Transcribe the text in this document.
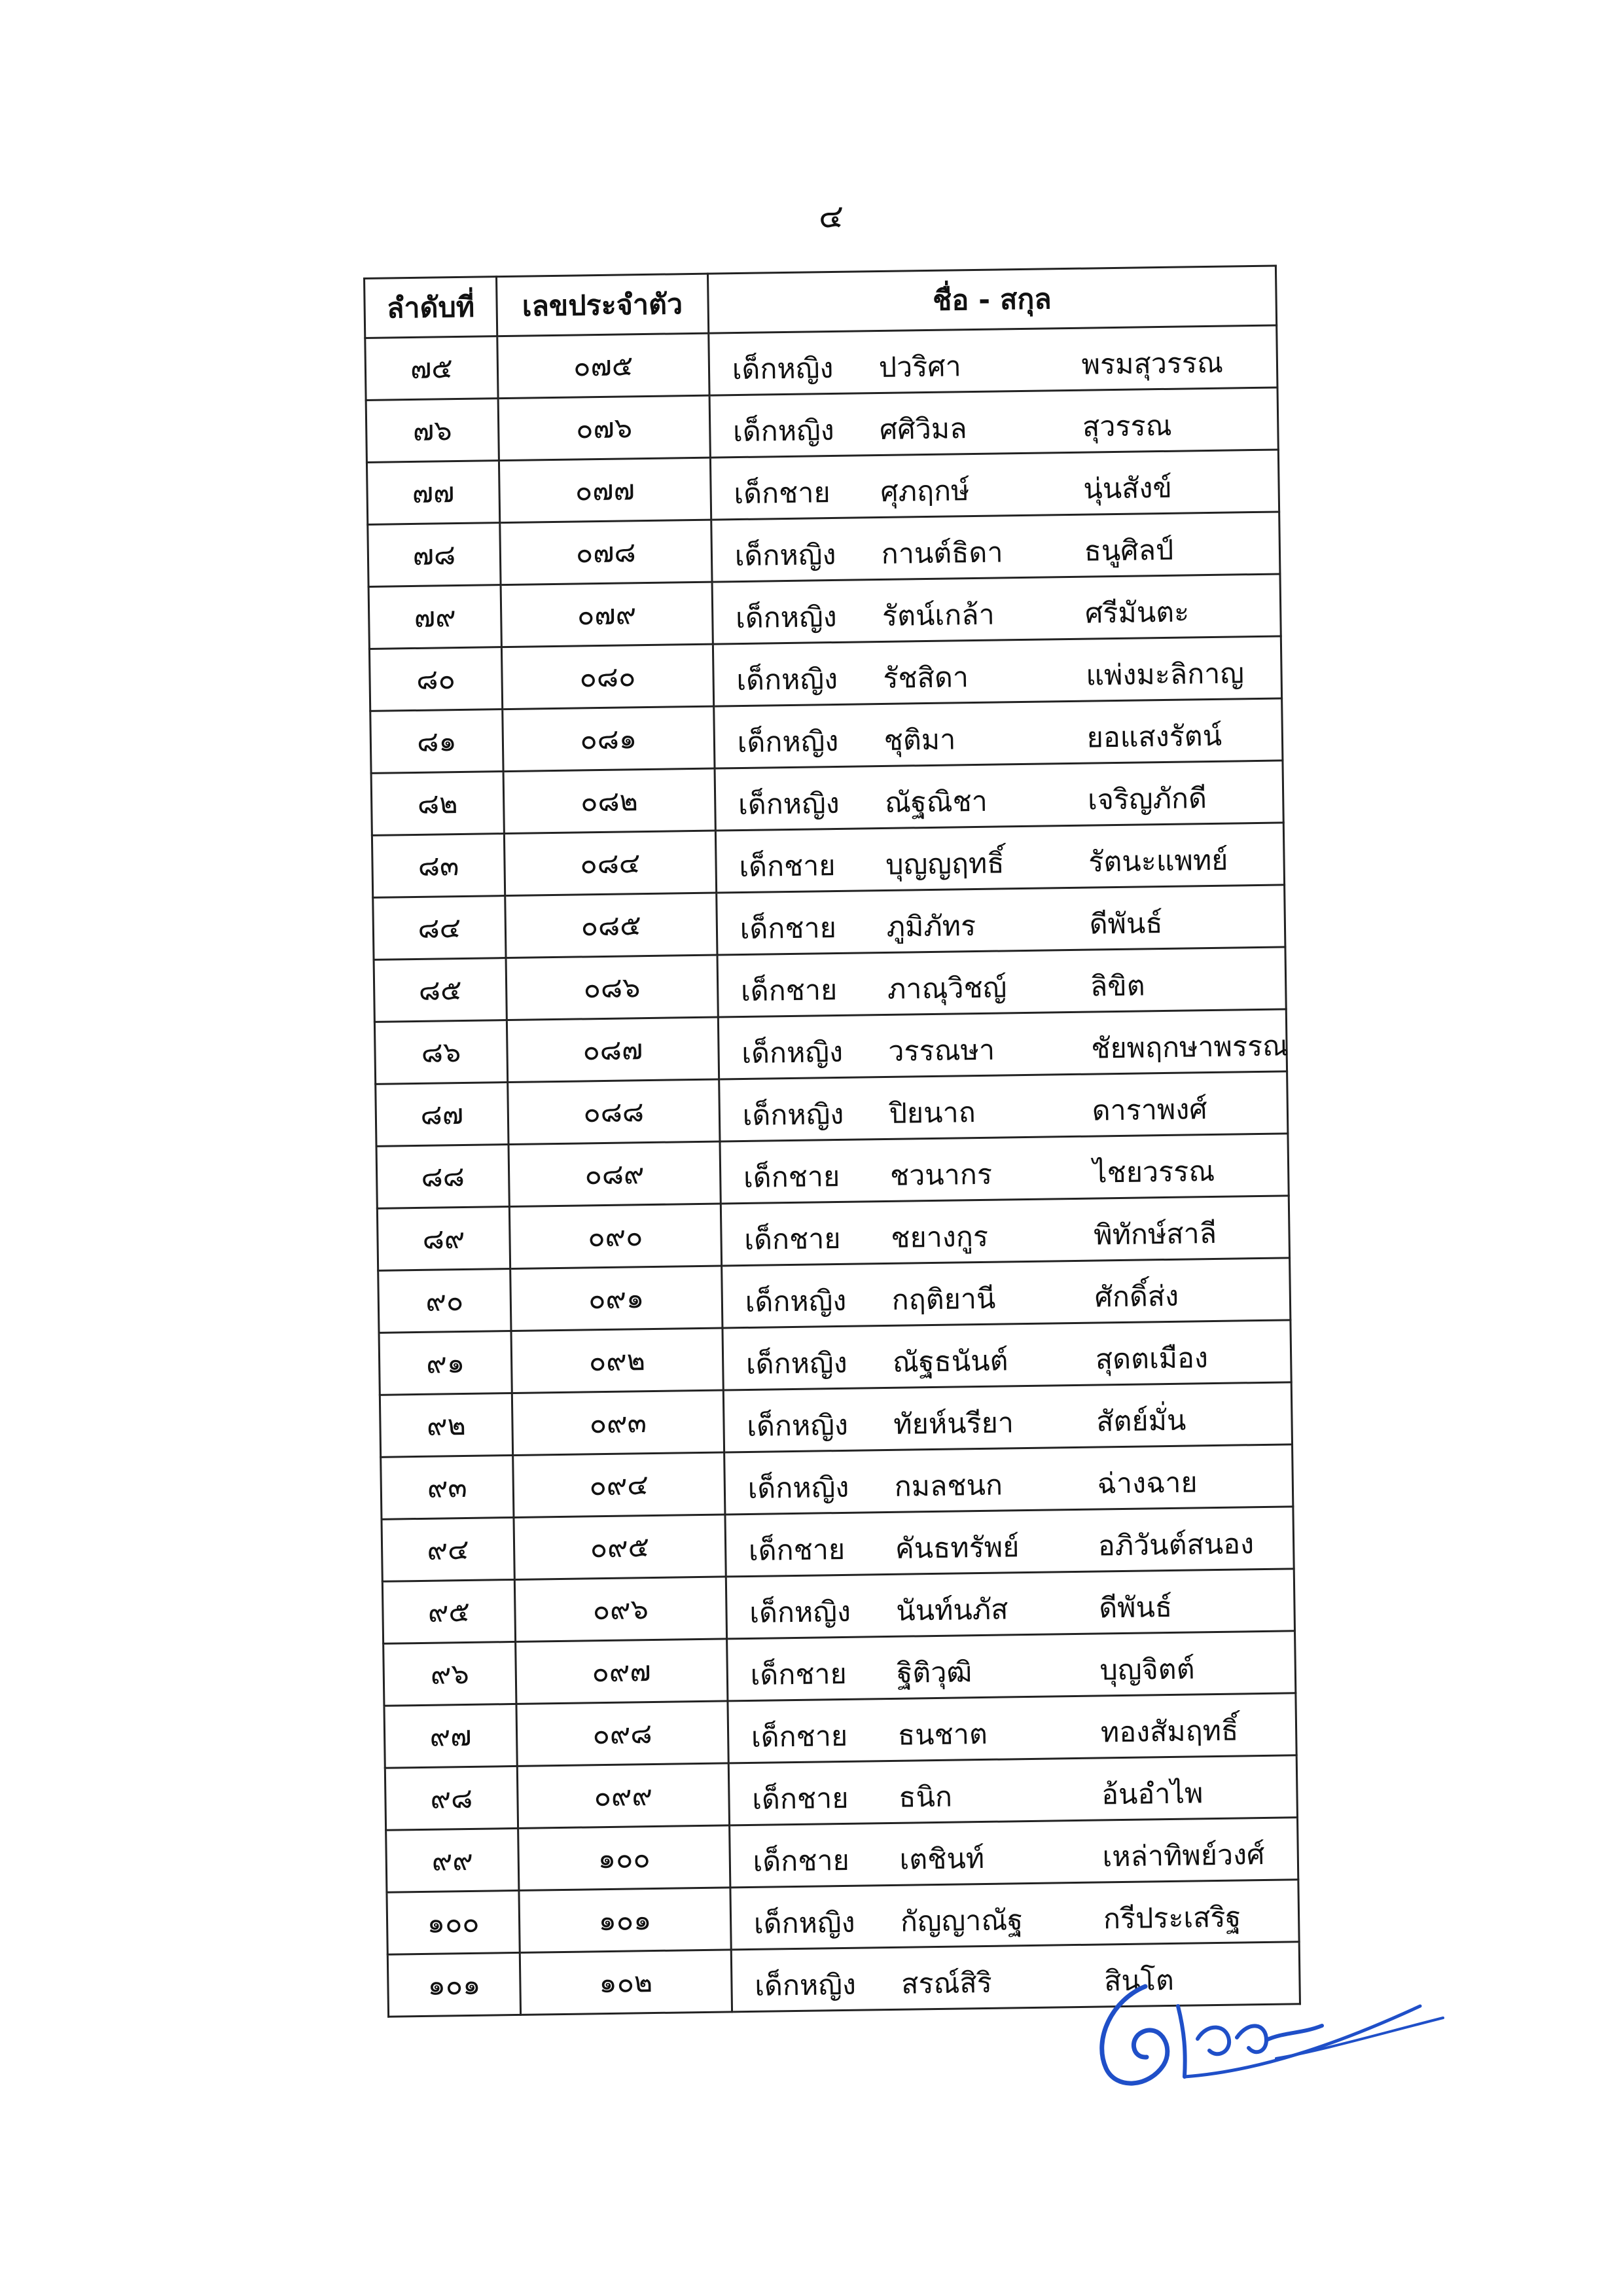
๔
ลำดับที่	เลขประจำตัว	ชื่อ - สกุล
๗๕	๐๗๕	เด็กหญิง ปวริศา พรมสุวรรณ

๗๖	๐๗๖	เด็กหญิง ศศิวิมล สุวรรณ

๗๗	๐๗๗	เด็กชาย ศุภฤกษ์ นุ่นสังข์

๗๘	๐๗๘	เด็กหญิง กานต์ธิดา ธนูศิลป์

๗๙	๐๗๙	เด็กหญิง รัตน์เกล้า ศรีมันตะ

๘๐	๐๘๐	เด็กหญิง รัชสิดา แพ่งมะลิกาญ

๘๑	๐๘๑	เด็กหญิง ชุติมา ยอแสงรัตน์

๘๒	๐๘๒	เด็กหญิง ณัฐณิชา เจริญภักดี

๘๓	๐๘๔	เด็กชาย บุญญฤทธิ์ รัตนะแพทย์

๘๔	๐๘๕	เด็กชาย ภูมิภัทร ดีพันธ์

๘๕	๐๘๖	เด็กชาย ภาณุวิชญ์ ลิขิต

๘๖	๐๘๗	เด็กหญิง วรรณษา ชัยพฤกษาพรรณ

๘๗	๐๘๘	เด็กหญิง ปิยนาถ ดาราพงศ์

๘๘	๐๘๙	เด็กชาย ชวนากร ไชยวรรณ

๘๙	๐๙๐	เด็กชาย ชยางกูร พิทักษ์สาลี

๙๐	๐๙๑	เด็กหญิง กฤติยานี ศักดิ์ส่ง

๙๑	๐๙๒	เด็กหญิง ณัฐธนันต์ สุดตเมือง

๙๒	๐๙๓	เด็กหญิง ทัยห์นรียา สัตย์มั่น

๙๓	๐๙๔	เด็กหญิง กมลชนก ฉ่างฉาย

๙๔	๐๙๕	เด็กชาย คันธทรัพย์ อภิวันต์สนอง

๙๕	๐๙๖	เด็กหญิง นันท์นภัส ดีพันธ์

๙๖	๐๙๗	เด็กชาย ฐิติวุฒิ บุญจิตต์

๙๗	๐๙๘	เด็กชาย ธนชาต ทองสัมฤทธิ์

๙๘	๐๙๙	เด็กชาย ธนิก อ้นอำไพ

๙๙	๑๐๐	เด็กชาย เตชินท์ เหล่าทิพย์วงศ์

๑๐๐	๑๐๑	เด็กหญิง กัญญาณัฐ กรีประเสริฐ

๑๐๑	๑๐๒	เด็กหญิง สรณ์สิริ สินโต
